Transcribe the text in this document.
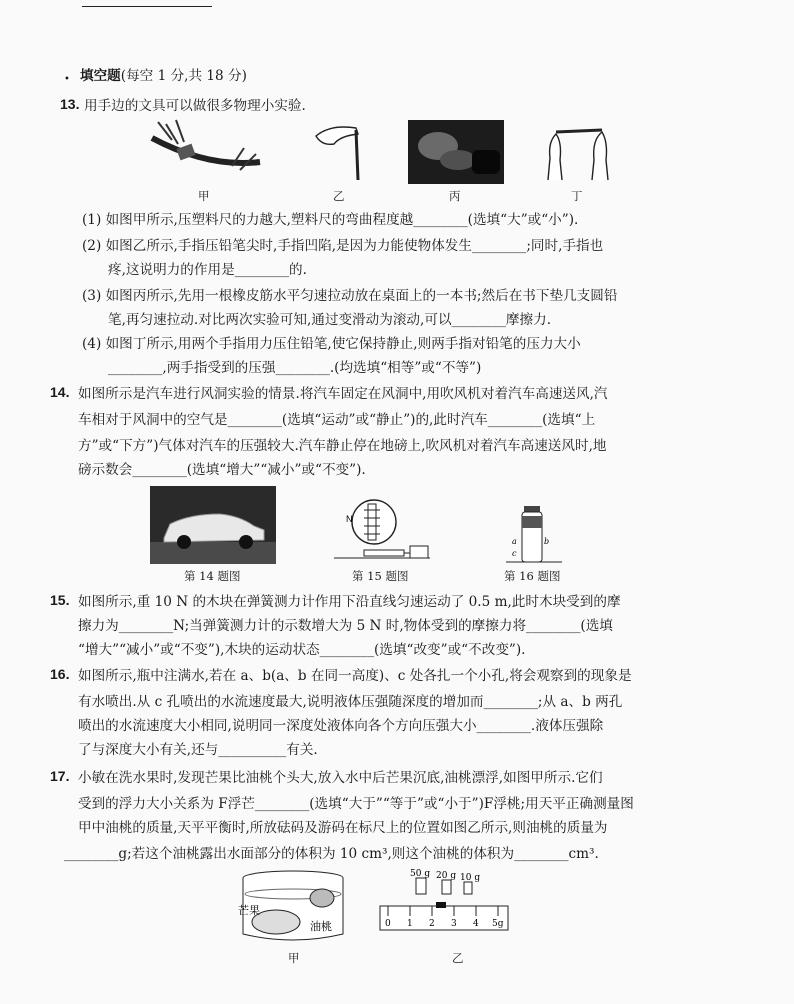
• 填空题(每空 1 分,共 18 分)
13. 用手边的文具可以做很多物理小实验.
甲	乙	丙	丁
(1) 如图甲所示,压塑料尺的力越大,塑料尺的弯曲程度越________(选填“大”或“小”).
(2) 如图乙所示,手指压铅笔尖时,手指凹陷,是因为力能使物体发生________;同时,手指也
疼,这说明力的作用是________的.
(3) 如图丙所示,先用一根橡皮筋水平匀速拉动放在桌面上的一本书;然后在书下垫几支圆铅
笔,再匀速拉动.对比两次实验可知,通过变滑动为滚动,可以________摩擦力.
(4) 如图丁所示,用两个手指用力压住铅笔,使它保持静止,则两手指对铅笔的压力大小
________,两手指受到的压强________.(均选填“相等”或“不等”)
14. 如图所示是汽车进行风洞实验的情景.将汽车固定在风洞中,用吹风机对着汽车高速送风,汽
车相对于风洞中的空气是________(选填“运动”或“静止”)的,此时汽车________(选填“上
方”或“下方”)气体对汽车的压强较大.汽车静止停在地磅上,吹风机对着汽车高速送风时,地
磅示数会________(选填“增大”“减小”或“不变”).
N
a	b
c
第 14 题图	第 15 题图	第 16 题图
15. 如图所示,重 10 N 的木块在弹簧测力计作用下沿直线匀速运动了 0.5 m,此时木块受到的摩
擦力为________N;当弹簧测力计的示数增大为 5 N 时,物体受到的摩擦力将________(选填
“增大”“减小”或“不变”),木块的运动状态________(选填“改变”或“不改变”).
16. 如图所示,瓶中注满水,若在 a、b(a、b 在同一高度)、c 处各扎一个小孔,将会观察到的现象是
有水喷出.从 c 孔喷出的水流速度最大,说明液体压强随深度的增加而________;从 a、b 两孔
喷出的水流速度大小相同,说明同一深度处液体向各个方向压强大小________.液体压强除
了与深度大小有关,还与__________有关.
17. 小敏在洗水果时,发现芒果比油桃个头大,放入水中后芒果沉底,油桃漂浮,如图甲所示.它们
受到的浮力大小关系为 F浮芒________(选填“大于”“等于”或“小于”)F浮桃;用天平正确测量图
甲中油桃的质量,天平平衡时,所放砝码及游码在标尺上的位置如图乙所示,则油桃的质量为
________g;若这个油桃露出水面部分的体积为 10 cm³,则这个油桃的体积为________cm³.
芒果
油桃
50 g 20 g 10 g
0 1 2 3 4 5g
甲	乙
